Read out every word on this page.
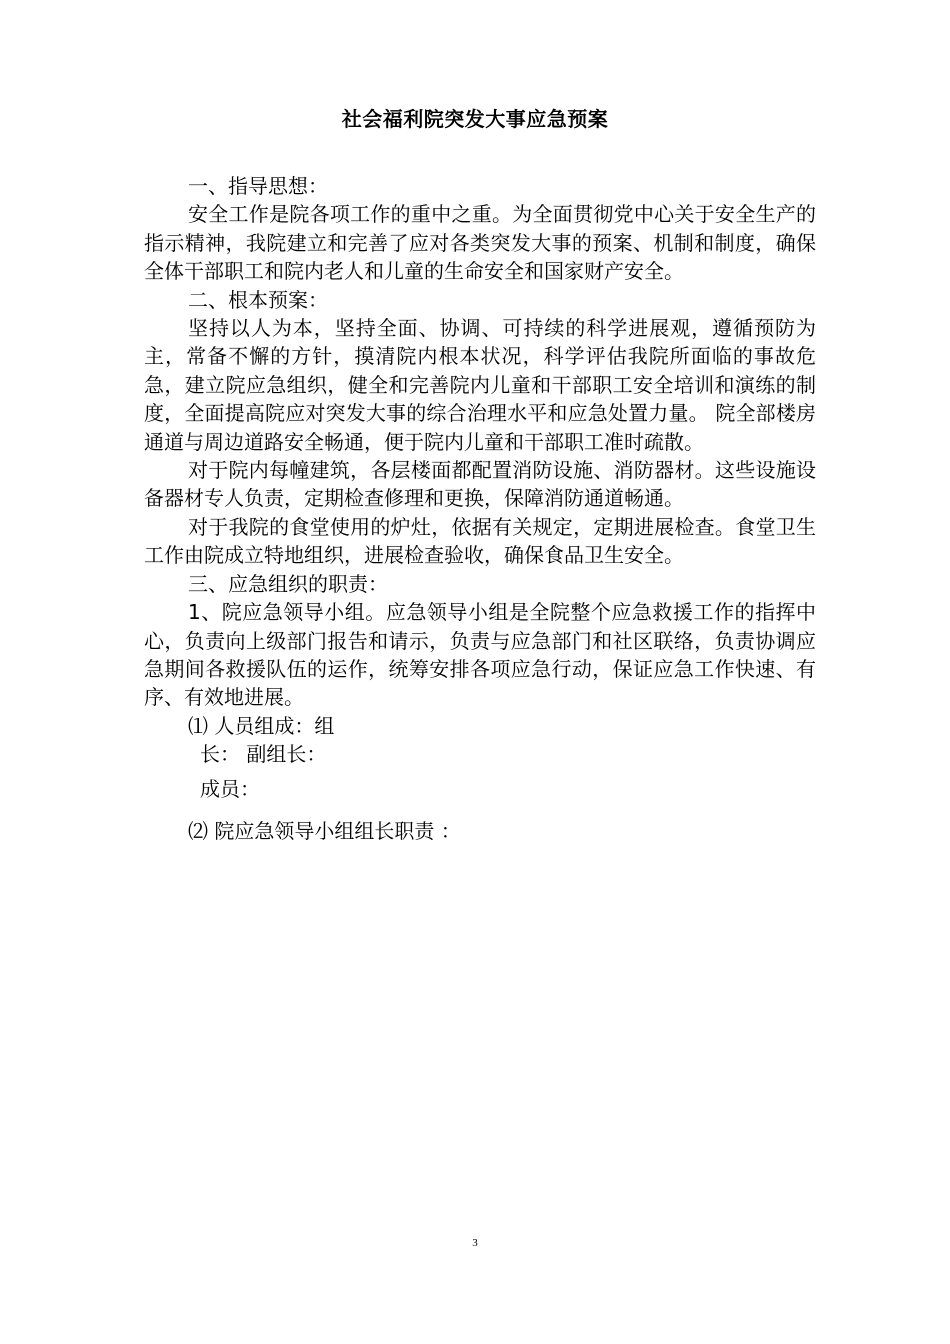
社会福利院突发大事应急预案

一、指导思想：

安全工作是院各项工作的重中之重。为全面贯彻党中心关于安全生产的指示精神，我院建立和完善了应对各类突发大事的预案、机制和制度，确保全体干部职工和院内老人和儿童的生命安全和国家财产安全。

二、根本预案：

坚持以人为本，坚持全面、协调、可持续的科学进展观，遵循预防为主，常备不懈的方针，摸清院内根本状况，科学评估我院所面临的事故危急，建立院应急组织，健全和完善院内儿童和干部职工安全培训和演练的制度，全面提高院应对突发大事的综合治理水平和应急处置力量。 院全部楼房通道与周边道路安全畅通，便于院内儿童和干部职工准时疏散。

对于院内每幢建筑，各层楼面都配置消防设施、消防器材。这些设施设备器材专人负责，定期检查修理和更换，保障消防通道畅通。

对于我院的食堂使用的炉灶，依据有关规定，定期进展检查。食堂卫生工作由院成立特地组织，进展检查验收，确保食品卫生安全。

三、应急组织的职责：

1、院应急领导小组。应急领导小组是全院整个应急救援工作的指挥中心，负责向上级部门报告和请示，负责与应急部门和社区联络，负责协调应急期间各救援队伍的运作，统筹安排各项应急行动，保证应急工作快速、有序、有效地进展。

⑴ 人员组成：组

长： 副组长：

成员：

⑵ 院应急领导小组组长职责 ：

3
